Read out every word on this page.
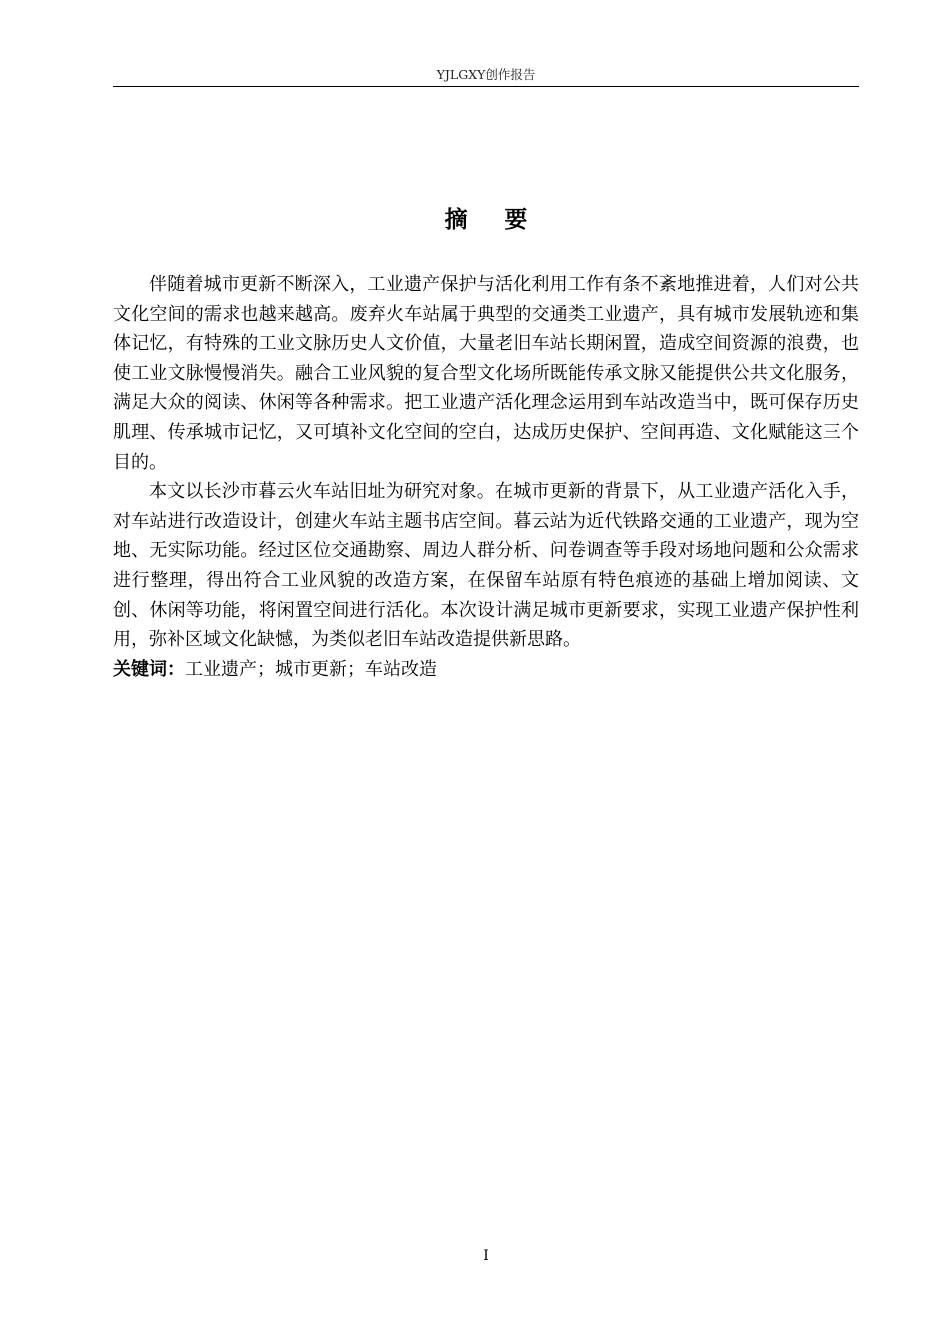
YJLGXY创作报告
摘要

伴随着城市更新不断深入，工业遗产保护与活化利用工作有条不紊地推进着，人们对公共文化空间的需求也越来越高。废弃火车站属于典型的交通类工业遗产，具有城市发展轨迹和集体记忆，有特殊的工业文脉历史人文价值，大量老旧车站长期闲置，造成空间资源的浪费，也使工业文脉慢慢消失。融合工业风貌的复合型文化场所既能传承文脉又能提供公共文化服务，满足大众的阅读、休闲等各种需求。把工业遗产活化理念运用到车站改造当中，既可保存历史肌理、传承城市记忆，又可填补文化空间的空白，达成历史保护、空间再造、文化赋能这三个目的。

本文以长沙市暮云火车站旧址为研究对象。在城市更新的背景下，从工业遗产活化入手，对车站进行改造设计，创建火车站主题书店空间。暮云站为近代铁路交通的工业遗产，现为空地、无实际功能。经过区位交通勘察、周边人群分析、问卷调查等手段对场地问题和公众需求进行整理，得出符合工业风貌的改造方案，在保留车站原有特色痕迹的基础上增加阅读、文创、休闲等功能，将闲置空间进行活化。本次设计满足城市更新要求，实现工业遗产保护性利用，弥补区域文化缺憾，为类似老旧车站改造提供新思路。

关键词：工业遗产；城市更新；车站改造

I
